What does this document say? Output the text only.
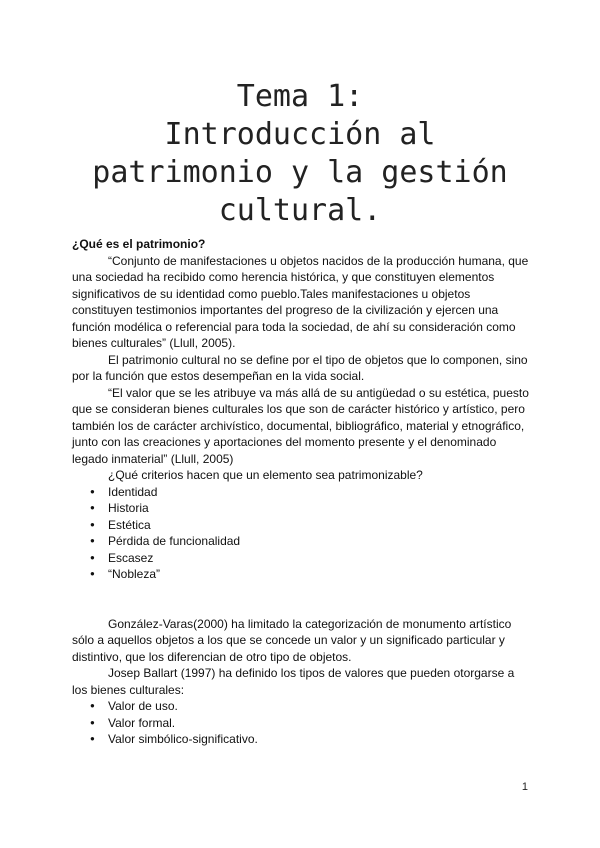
Tema 1:
Introducción al
patrimonio y la gestión
cultural.

¿Qué es el patrimonio?

“Conjunto de manifestaciones u objetos nacidos de la producción humana, que una sociedad ha recibido como herencia histórica, y que constituyen elementos significativos de su identidad como pueblo.Tales manifestaciones u objetos constituyen testimonios importantes del progreso de la civilización y ejercen una función modélica o referencial para toda la sociedad, de ahí su consideración como bienes culturales” (Llull, 2005).

El patrimonio cultural no se define por el tipo de objetos que lo componen, sino por la función que estos desempeñan en la vida social.

“El valor que se les atribuye va más allá de su antigüedad o su estética, puesto que se consideran bienes culturales los que son de carácter histórico y artístico, pero también los de carácter archivístico, documental, bibliográfico, material y etnográfico, junto con las creaciones y aportaciones del momento presente y el denominado legado inmaterial” (Llull, 2005)

¿Qué criterios hacen que un elemento sea patrimonizable?

● Identidad
● Historia
● Estética
● Pérdida de funcionalidad
● Escasez
● “Nobleza”

González-Varas(2000) ha limitado la categorización de monumento artístico sólo a aquellos objetos a los que se concede un valor y un significado particular y distintivo, que los diferencian de otro tipo de objetos.

Josep Ballart (1997) ha definido los tipos de valores que pueden otorgarse a los bienes culturales:

● Valor de uso.
● Valor formal.
● Valor simbólico-significativo.
1
